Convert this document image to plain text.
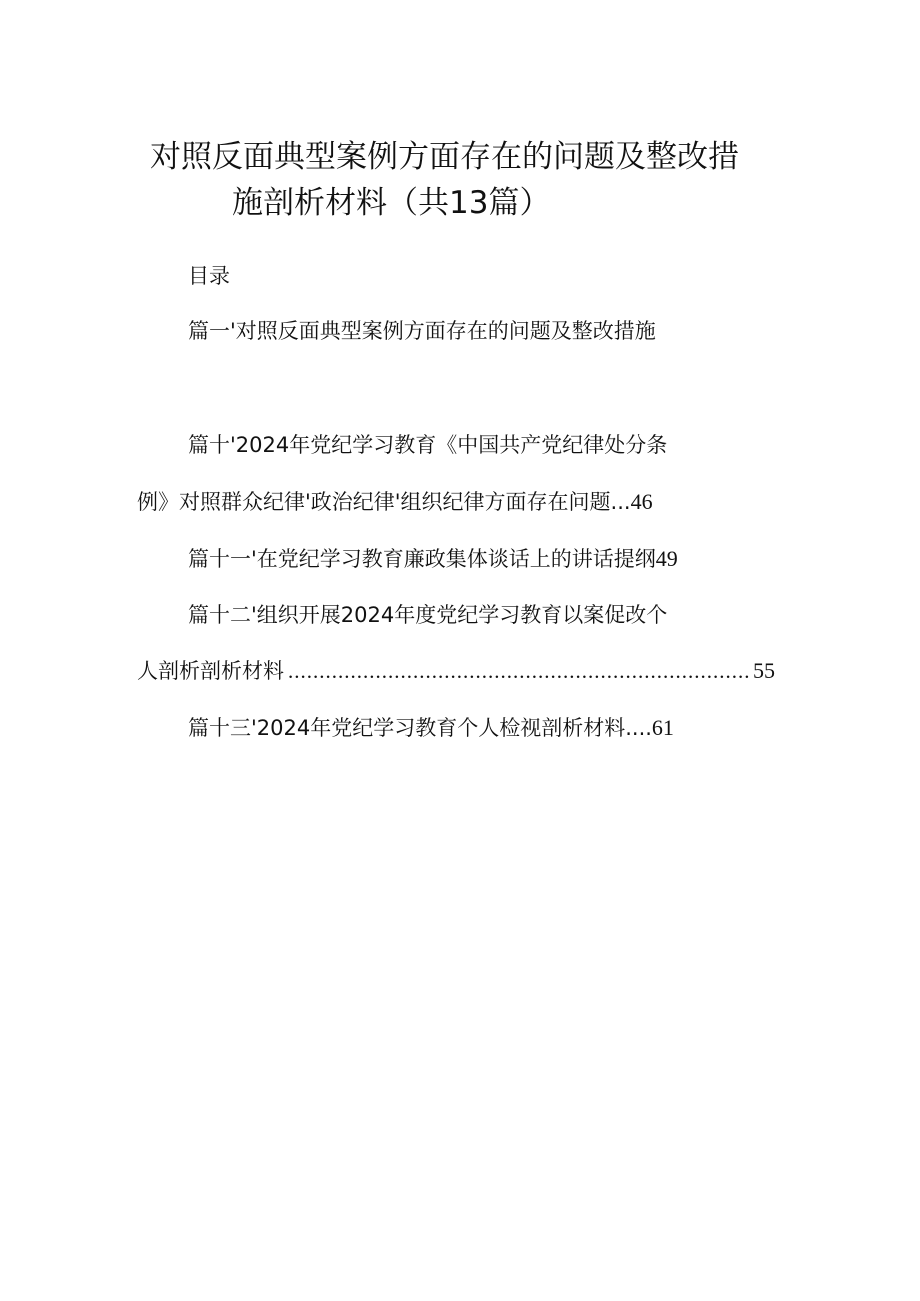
对照反面典型案例方面存在的问题及整改措
施剖析材料（共13篇）
目录
篇一'对照反面典型案例方面存在的问题及整改措施
篇十'2024年党纪学习教育《中国共产党纪律处分条
例》对照群众纪律'政治纪律'组织纪律方面存在问题...46
篇十一'在党纪学习教育廉政集体谈话上的讲话提纲49
篇十二'组织开展2024年度党纪学习教育以案促改个
人剖析剖析材料 .....	55
篇十三'2024年党纪学习教育个人检视剖析材料....61
